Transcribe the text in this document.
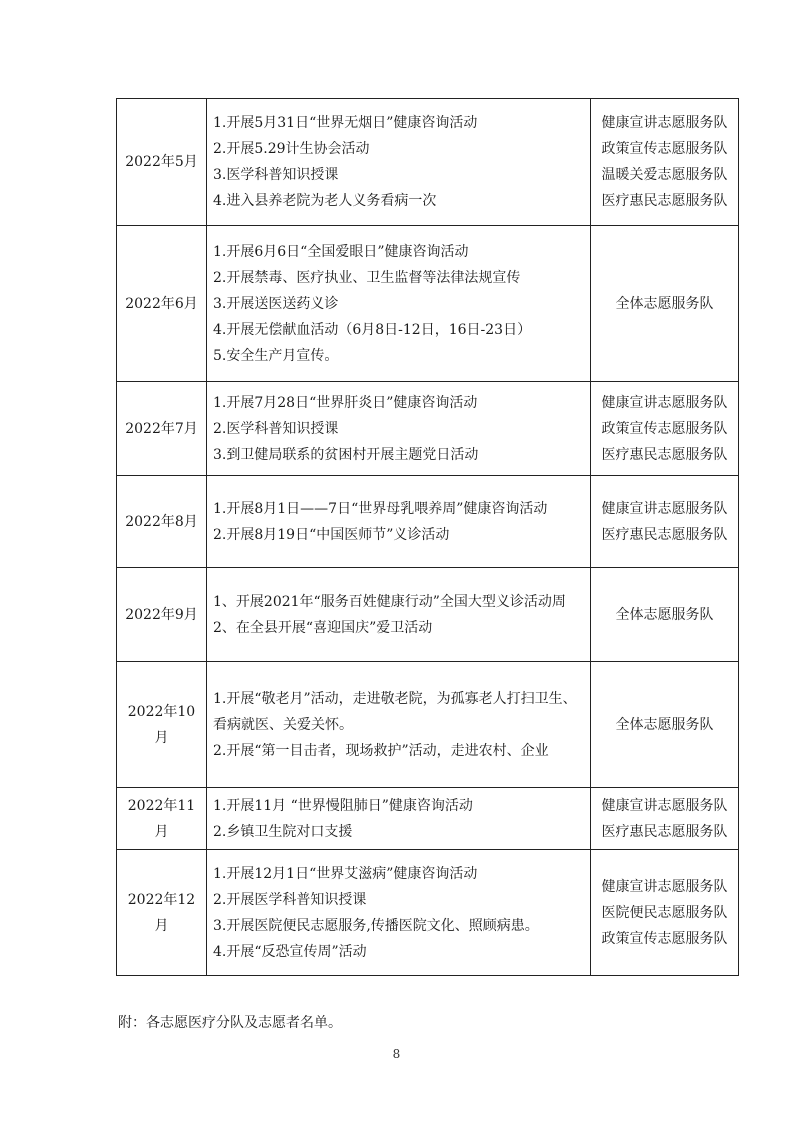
2022年5月	1.开展5月31日“世界无烟日”健康咨询活动
2.开展5.29计生协会活动
3.医学科普知识授课
4.进入县养老院为老人义务看病一次	健康宣讲志愿服务队
政策宣传志愿服务队
温暖关爱志愿服务队
医疗惠民志愿服务队

2022年6月	1.开展6月6日“全国爱眼日”健康咨询活动
2.开展禁毒、医疗执业、卫生监督等法律法规宣传
3.开展送医送药义诊
4.开展无偿献血活动（6月8日-12日，16日-23日）
5.安全生产月宣传。	全体志愿服务队

2022年7月	1.开展7月28日“世界肝炎日”健康咨询活动
2.医学科普知识授课
3.到卫健局联系的贫困村开展主题党日活动	健康宣讲志愿服务队
政策宣传志愿服务队
医疗惠民志愿服务队

2022年8月	1.开展8月1日——7日“世界母乳喂养周”健康咨询活动
2.开展8月19日“中国医师节”义诊活动	健康宣讲志愿服务队
医疗惠民志愿服务队

2022年9月	1、开展2021年“服务百姓健康行动”全国大型义诊活动周
2、在全县开展“喜迎国庆”爱卫活动	全体志愿服务队

2022年10月	1.开展“敬老月”活动，走进敬老院，为孤寡老人打扫卫生、看病就医、关爱关怀。
2.开展“第一目击者，现场救护”活动，走进农村、企业	全体志愿服务队

2022年11月	1.开展11月 “世界慢阻肺日”健康咨询活动
2.乡镇卫生院对口支援	健康宣讲志愿服务队
医疗惠民志愿服务队

2022年12月	1.开展12月1日“世界艾滋病”健康咨询活动
2.开展医学科普知识授课
3.开展医院便民志愿服务,传播医院文化、照顾病患。
4.开展“反恐宣传周”活动	健康宣讲志愿服务队
医院便民志愿服务队
政策宣传志愿服务队
附：各志愿医疗分队及志愿者名单。
8
